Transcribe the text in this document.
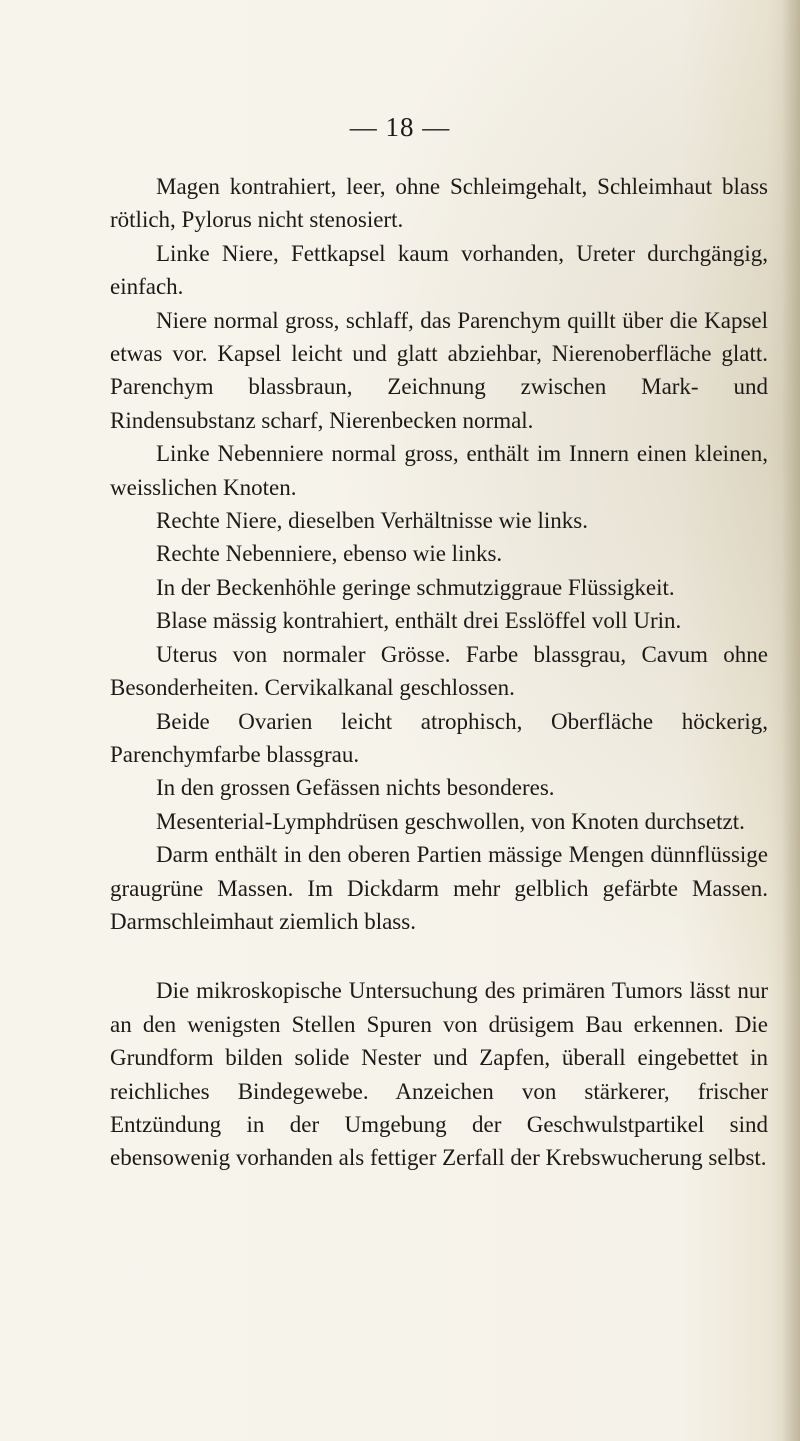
— 18 —

Magen kontrahiert, leer, ohne Schleimgehalt, Schleimhaut blass rötlich, Pylorus nicht stenosiert.

Linke Niere, Fettkapsel kaum vorhanden, Ureter durchgängig, einfach.

Niere normal gross, schlaff, das Parenchym quillt über die Kapsel etwas vor. Kapsel leicht und glatt abziehbar, Nierenoberfläche glatt. Parenchym blassbraun, Zeichnung zwischen Mark- und Rindensubstanz scharf, Nierenbecken normal.

Linke Nebenniere normal gross, enthält im Innern einen kleinen, weisslichen Knoten.

Rechte Niere, dieselben Verhältnisse wie links.

Rechte Nebenniere, ebenso wie links.

In der Beckenhöhle geringe schmutziggraue Flüssigkeit.

Blase mässig kontrahiert, enthält drei Esslöffel voll Urin.

Uterus von normaler Grösse. Farbe blassgrau, Cavum ohne Besonderheiten. Cervikalkanal geschlossen.

Beide Ovarien leicht atrophisch, Oberfläche höckerig, Parenchymfarbe blassgrau.

In den grossen Gefässen nichts besonderes.

Mesenterial-Lymphdrüsen geschwollen, von Knoten durchsetzt.

Darm enthält in den oberen Partien mässige Mengen dünnflüssige graugrüne Massen. Im Dickdarm mehr gelblich gefärbte Massen. Darmschleimhaut ziemlich blass.

Die mikroskopische Untersuchung des primären Tumors lässt nur an den wenigsten Stellen Spuren von drüsigem Bau erkennen. Die Grundform bilden solide Nester und Zapfen, überall eingebettet in reichliches Bindegewebe. Anzeichen von stärkerer, frischer Entzündung in der Umgebung der Geschwulstpartikel sind ebensowenig vorhanden als fettiger Zerfall der Krebswucherung selbst.
